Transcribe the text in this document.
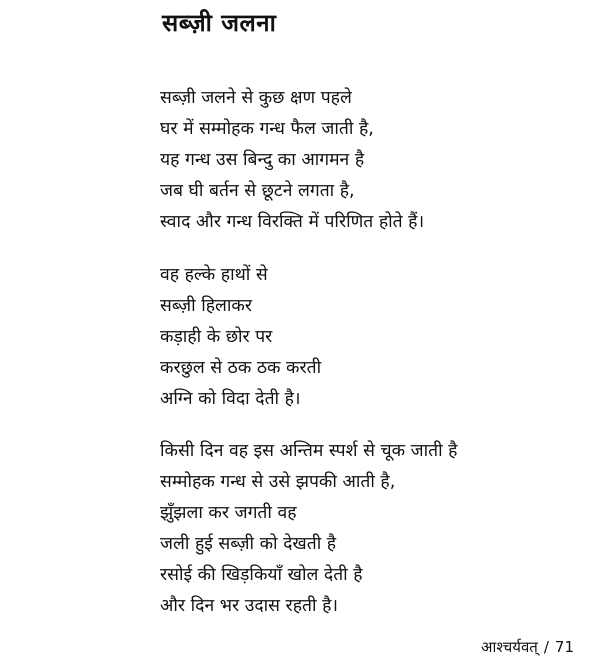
सब्ज़ी जलना
सब्ज़ी जलने से कुछ क्षण पहले
घर में सम्मोहक गन्ध फैल जाती है,
यह गन्ध उस बिन्दु का आगमन है
जब घी बर्तन से छूटने लगता है,
स्वाद और गन्ध विरक्ति में परिणित होते हैं।
वह हल्के हाथों से
सब्ज़ी हिलाकर
कड़ाही के छोर पर
करछुल से ठक ठक करती
अग्नि को विदा देती है।
किसी दिन वह इस अन्तिम स्पर्श से चूक जाती है
सम्मोहक गन्ध से उसे झपकी आती है,
झुँझला कर जगती वह
जली हुई सब्ज़ी को देखती है
रसोई की खिड़कियाँ खोल देती है
और दिन भर उदास रहती है।
आश्चर्यवत् / 71
